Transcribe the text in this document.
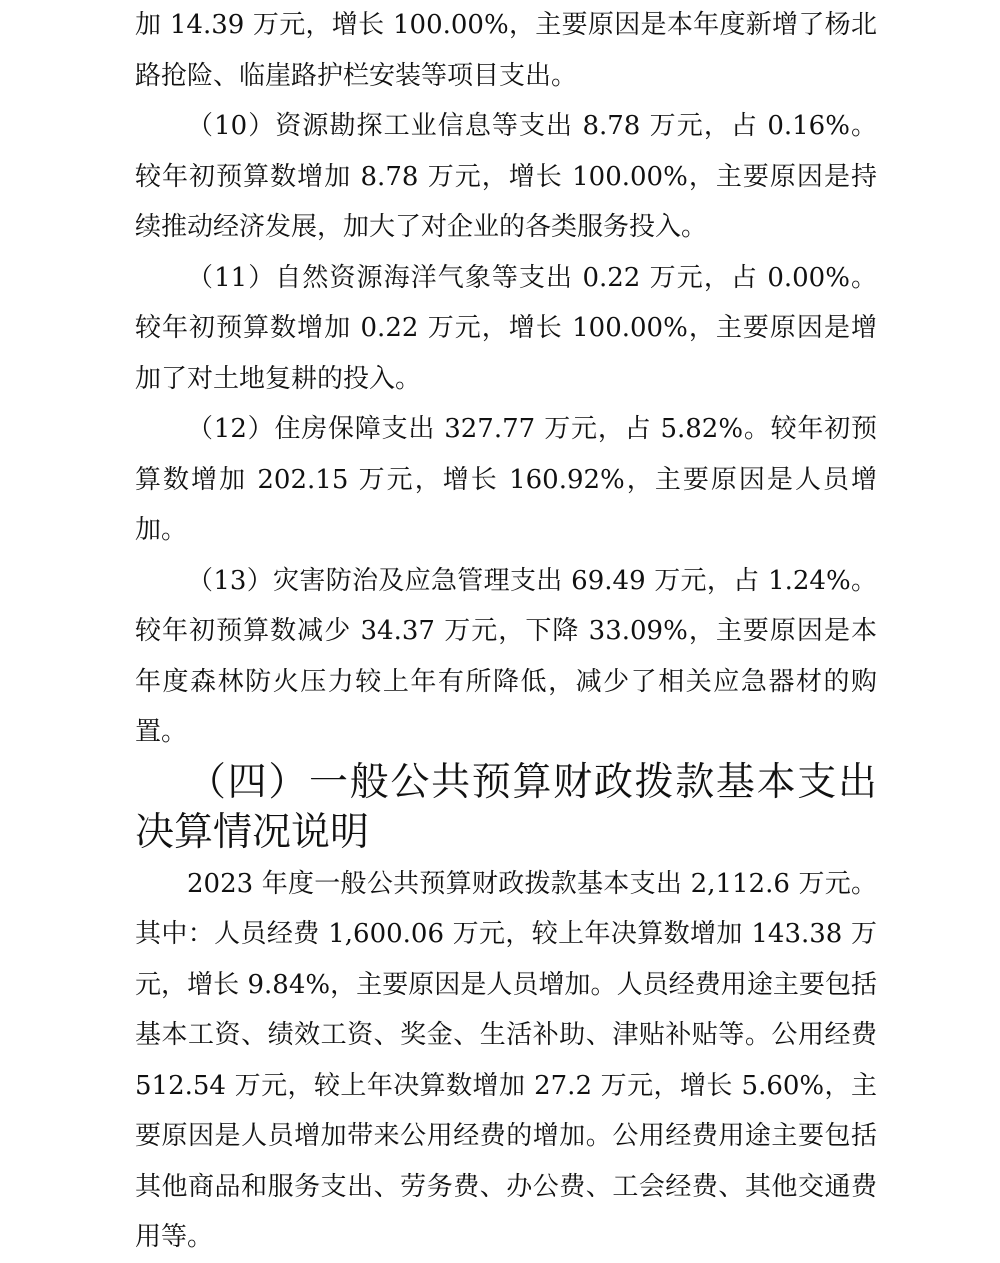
加 14.39 万元，增长 100.00%，主要原因是本年度新增了杨北路抢险、临崖路护栏安装等项目支出。

（10）资源勘探工业信息等支出 8.78 万元，占 0.16%。较年初预算数增加 8.78 万元，增长 100.00%，主要原因是持续推动经济发展，加大了对企业的各类服务投入。

（11）自然资源海洋气象等支出 0.22 万元，占 0.00%。较年初预算数增加 0.22 万元，增长 100.00%，主要原因是增加了对土地复耕的投入。

（12）住房保障支出 327.77 万元，占 5.82%。较年初预算数增加 202.15 万元，增长 160.92%，主要原因是人员增加。

（13）灾害防治及应急管理支出 69.49 万元，占 1.24%。较年初预算数减少 34.37 万元，下降 33.09%，主要原因是本年度森林防火压力较上年有所降低，减少了相关应急器材的购置。

（四）一般公共预算财政拨款基本支出决算情况说明

2023 年度一般公共预算财政拨款基本支出 2,112.6 万元。其中：人员经费 1,600.06 万元，较上年决算数增加 143.38 万元，增长 9.84%，主要原因是人员增加。人员经费用途主要包括基本工资、绩效工资、奖金、生活补助、津贴补贴等。公用经费 512.54 万元，较上年决算数增加 27.2 万元，增长 5.60%，主要原因是人员增加带来公用经费的增加。公用经费用途主要包括其他商品和服务支出、劳务费、办公费、工会经费、其他交通费用等。
